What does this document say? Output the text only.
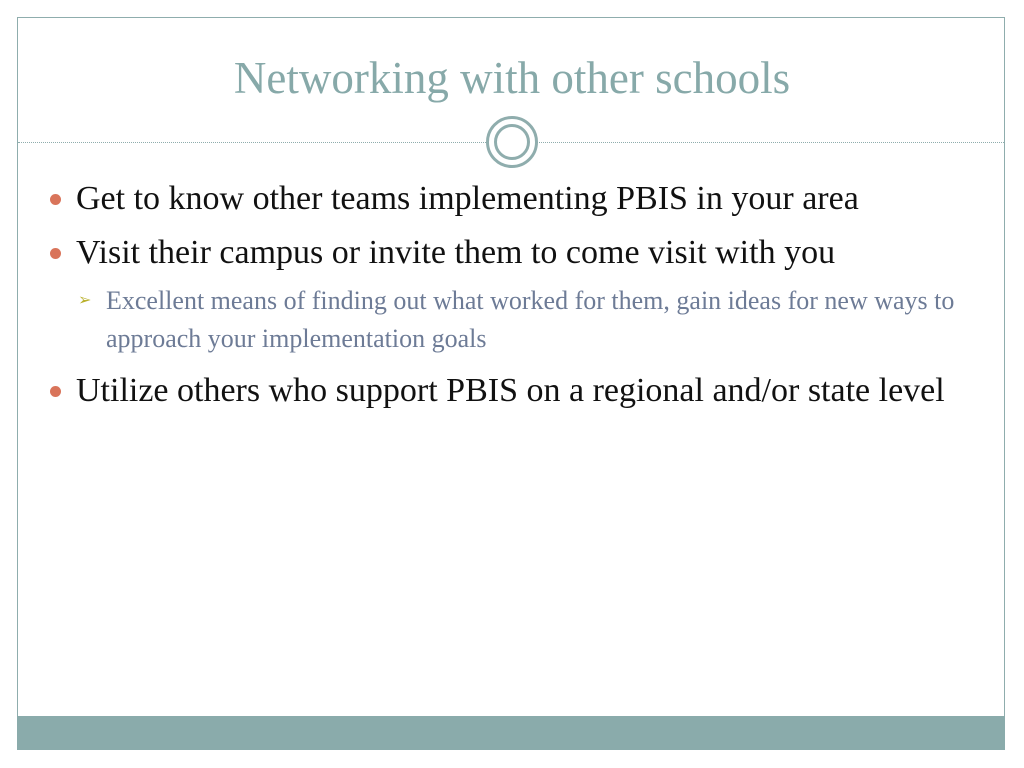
Networking with other schools
Get to know other teams implementing PBIS in your area
Visit their campus or invite them to come visit with you
➢ Excellent means of finding out what worked for them, gain ideas for new ways to approach your implementation goals
Utilize others who support PBIS on a regional and/or state level
